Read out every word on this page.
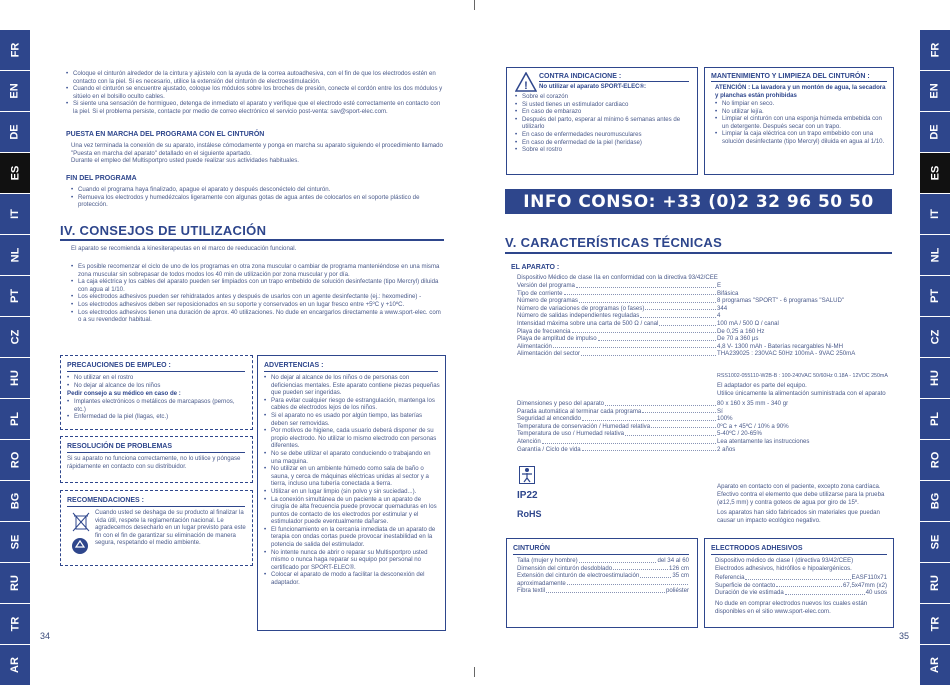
FR
EN
DE
ES
IT
NL
PT
CZ
HU
PL
RO
BG
SE
RU
TR
AR
FR
EN
DE
ES
IT
NL
PT
CZ
HU
PL
RO
BG
SE
RU
TR
AR
• Coloque el cinturón alrededor de la cintura y ajústelo con la ayuda de la correa autoadhesiva, con el fin de que los electrodos estén en contacto con la piel. Si es necesario, utilice la extensión del cinturón de electroestimulación.
• Cuando el cinturón se encuentre ajustado, coloque los módulos sobre los broches de presión, conecte el cordón entre los dos módulos y sitúelo en el bolsillo oculto cables.
• Si siente una sensación de hormigueo, detenga de inmediato el aparato y verifique que el electrodo esté correctamente en contacto con la piel. Si el problema persiste, contacte por medio de correo electrónico el servicio post-venta: sav@sport-elec.com.

PUESTA EN MARCHA DEL PROGRAMA CON EL CINTURÓN

Una vez terminada la conexión de su aparato, instálese cómodamente y ponga en marcha su aparato siguiendo el procedimiento llamado "Puesta en marcha del aparato" detallado en el siguiente apartado.

Durante el empleo del Multisportpro usted puede realizar sus actividades habituales.

FIN DEL PROGRAMA

• Cuando el programa haya finalizado, apague el aparato y después desconéctelo del cinturón.
• Remueva los electrodos y humedézcalos ligeramente con algunas gotas de agua antes de colocarlos en el soporte plástico de protección.
IV. CONSEJOS DE UTILIZACIÓN

El aparato se recomienda a kinesiterapeutas en el marco de reeducación funcional.

• Es posible recomenzar el ciclo de uno de los programas en otra zona muscular o cambiar de programa manteniéndose en una misma zona muscular sin sobrepasar de todos modos los 40 min de utilización por zona muscular y por día.
• La caja eléctrica y los cables del aparato pueden ser limpiados con un trapo embebido de solución desinfectante (tipo Mercryl) diluida con agua al 1/10.
• Los electrodos adhesivos pueden ser rehidratados antes y después de usarlos con un agente desinfectante (ej.: hexomedine) -
• Los electrodos adhesivos deben ser reposicionados en su soporte y conservados en un lugar fresco entre +5ºC y +10ºC.
• Los electrodos adhesivos tienen una duración de aprox. 40 utilizaciones. No dude en encargarlos directamente a www.sport-elec. com o a su revendedor habitual.

PRECAUCIONES DE EMPLEO :

• No utilizar en el rostro
• No dejar al alcance de los niños

Pedir consejo a su médico en caso de :

• Implantes electrónicos o metálicos de marcapasos (pernos, etc.)
• Enfermedad de la piel (llagas, etc.)

RESOLUCIÓN DE PROBLEMAS

Si su aparato no funciona correctamente, no lo utilice y póngase rápidamente en contacto con su distribuidor.

RECOMENDACIONES :

Cuando usted se deshaga de su producto al finalizar la vida útil, respete la reglamentación nacional. Le agradecemos desecharlo en un lugar previsto para este fin con el fin de garantizar su eliminación de manera segura, respetando el medio ambiente.

ADVERTENCIAS :

• No dejar al alcance de los niños o de personas con deficiencias mentales. Este aparato contiene piezas pequeñas que pueden ser ingeridas.
• Para evitar cualquier riesgo de estrangulación, mantenga los cables de electrodos lejos de los niños.
• Si el aparato no es usado por algún tiempo, las baterías deben ser removidas.
• Por motivos de higiene, cada usuario deberá disponer de su propio electrodo. No utilizar lo mismo electrodo con personas diferentes.
• No se debe utilizar el aparato conduciendo o trabajando en una maquina.
• No utilizar en un ambiente húmedo como sala de baño o sauna, y cerca de máquinas eléctricas unidas al sector y a tierra, incluso una tubería conectada a tierra.
• Utilizar en un lugar limpio (sin polvo y sin suciedad...).
• La conexión simultánea de un paciente a un aparato de cirugía de alta frecuencia puede provocar quemaduras en los puntos de contacto de los electrodos por estimular y el estimulador puede eventualmente dañarse.
• El funcionamiento en la cercanía inmediata de un aparato de terapia con ondas cortas puede provocar inestabilidad en la potencia de salida del estimulador.
• No intente nunca de abrir o reparar su Multisportpro usted mismo o nunca haga reparar su equipo por personal no certificado por SPORT-ELEC®.
• Colocar el aparato de modo a facilitar la desconexión del adaptador.
34
!

CONTRA INDICACIONE :

No utilizar el aparato SPORT-ELEC®:

• Sobre el corazón
• Si usted tienes un estimulador cardiaco
• En caso de embarazo
• Después del parto, esperar al mínimo 6 semanas antes de utilizarlo
• En caso de enfermedades neuromusculares
• En caso de enfermedad de la piel (heridase)
• Sobre el rostro

MANTENIMIENTO Y LIMPIEZA DEL CINTURÓN :

ATENCIÓN : La lavadora y un montón de agua, la secadora y planchas están prohibidas

• No limpiar en seco.
• No utilizar lejía.
• Limpiar el cinturón con una esponja húmeda embebida con un detergente. Después secar con un trapo.
• Limpiar la caja eléctrica con un trapo embebido con una solución desinfectante (tipo Mercryl) diluida en agua al 1/10.
INFO CONSO: +33 (0)2 32 96 50 50
V. CARACTERÍSTICAS TÉCNICAS

EL APARATO :

Dispositivo Médico de clase IIa en conformidad con la directiva 93/42/CEE

Versión del programa	E
Tipo de corriente	Bifásica
Número de programas	8 programas "SPORT" - 6 programas "SALUD"
Número de variaciones de programas (o fases)	344
Número de salidas independientes reguladas	4
Intensidad máxima sobre una carta de 500 Ω / canal	100 mA / 500 Ω / canal
Playa de frecuencia	De 0,25 a 160 Hz
Playa de amplitud de impulso	De 70 a 360 µs
Alimentación	4,8 V- 1300 mAh - Baterías recargables Ni-MH
Alimentación del sector	THA239025 : 230VAC 50Hz 100mA - 9VAC 250mA

RSS1002-055110-W2B-B : 100-240VAC 50/60Hz 0.18A - 12VDC 250mA

El adaptador es parte del equipo.

Utilice únicamente la alimentación suministrada con el aparato

Dimensiones y peso del aparato	80 x 160 x 35 mm - 340 gr
Parada automática al terminar cada programa	Sí
Seguridad al encendido	100%
Temperatura de conservación / Humedad relativa	0ºC a + 45ºC / 10% a 90%
Temperatura de uso / Humedad relativa	5-40ºC / 20-65%
Atención	Lea atentamente las instrucciones
Garantía / Ciclo de vida	2 años

Aparato en contacto con el paciente, excepto zona cardíaca.

IP22	Efectivo contra el elemento que debe utilizarse para la prueba (ø12,5 mm) y contra goteos de agua por giro de 15º.

RoHS	Los aparatos han sido fabricados sin materiales que puedan causar un impacto ecológico negativo.

CINTURÓN

Talla (mujer y hombre)	del 34 al 60
Dimensión del cinturón desdoblado	126 cm
Extensión del cinturón de electroestimulación	35 cm
aproximadamente
Fibra textil	poliéster

ELECTRODOS ADHESIVOS

Dispositivo médico de clase I (directiva 93/42/CEE)

Electrodos adhesivos, hidrófilos e hipoalergénicos.

Referencia	EASF110x71
Superficie de contacto	67,5x47mm (x2)
Duración de vie estimada	40 usos

No dude en comprar electrodos nuevos los cuales están disponibles en el sitio www.sport-elec.com.

35
